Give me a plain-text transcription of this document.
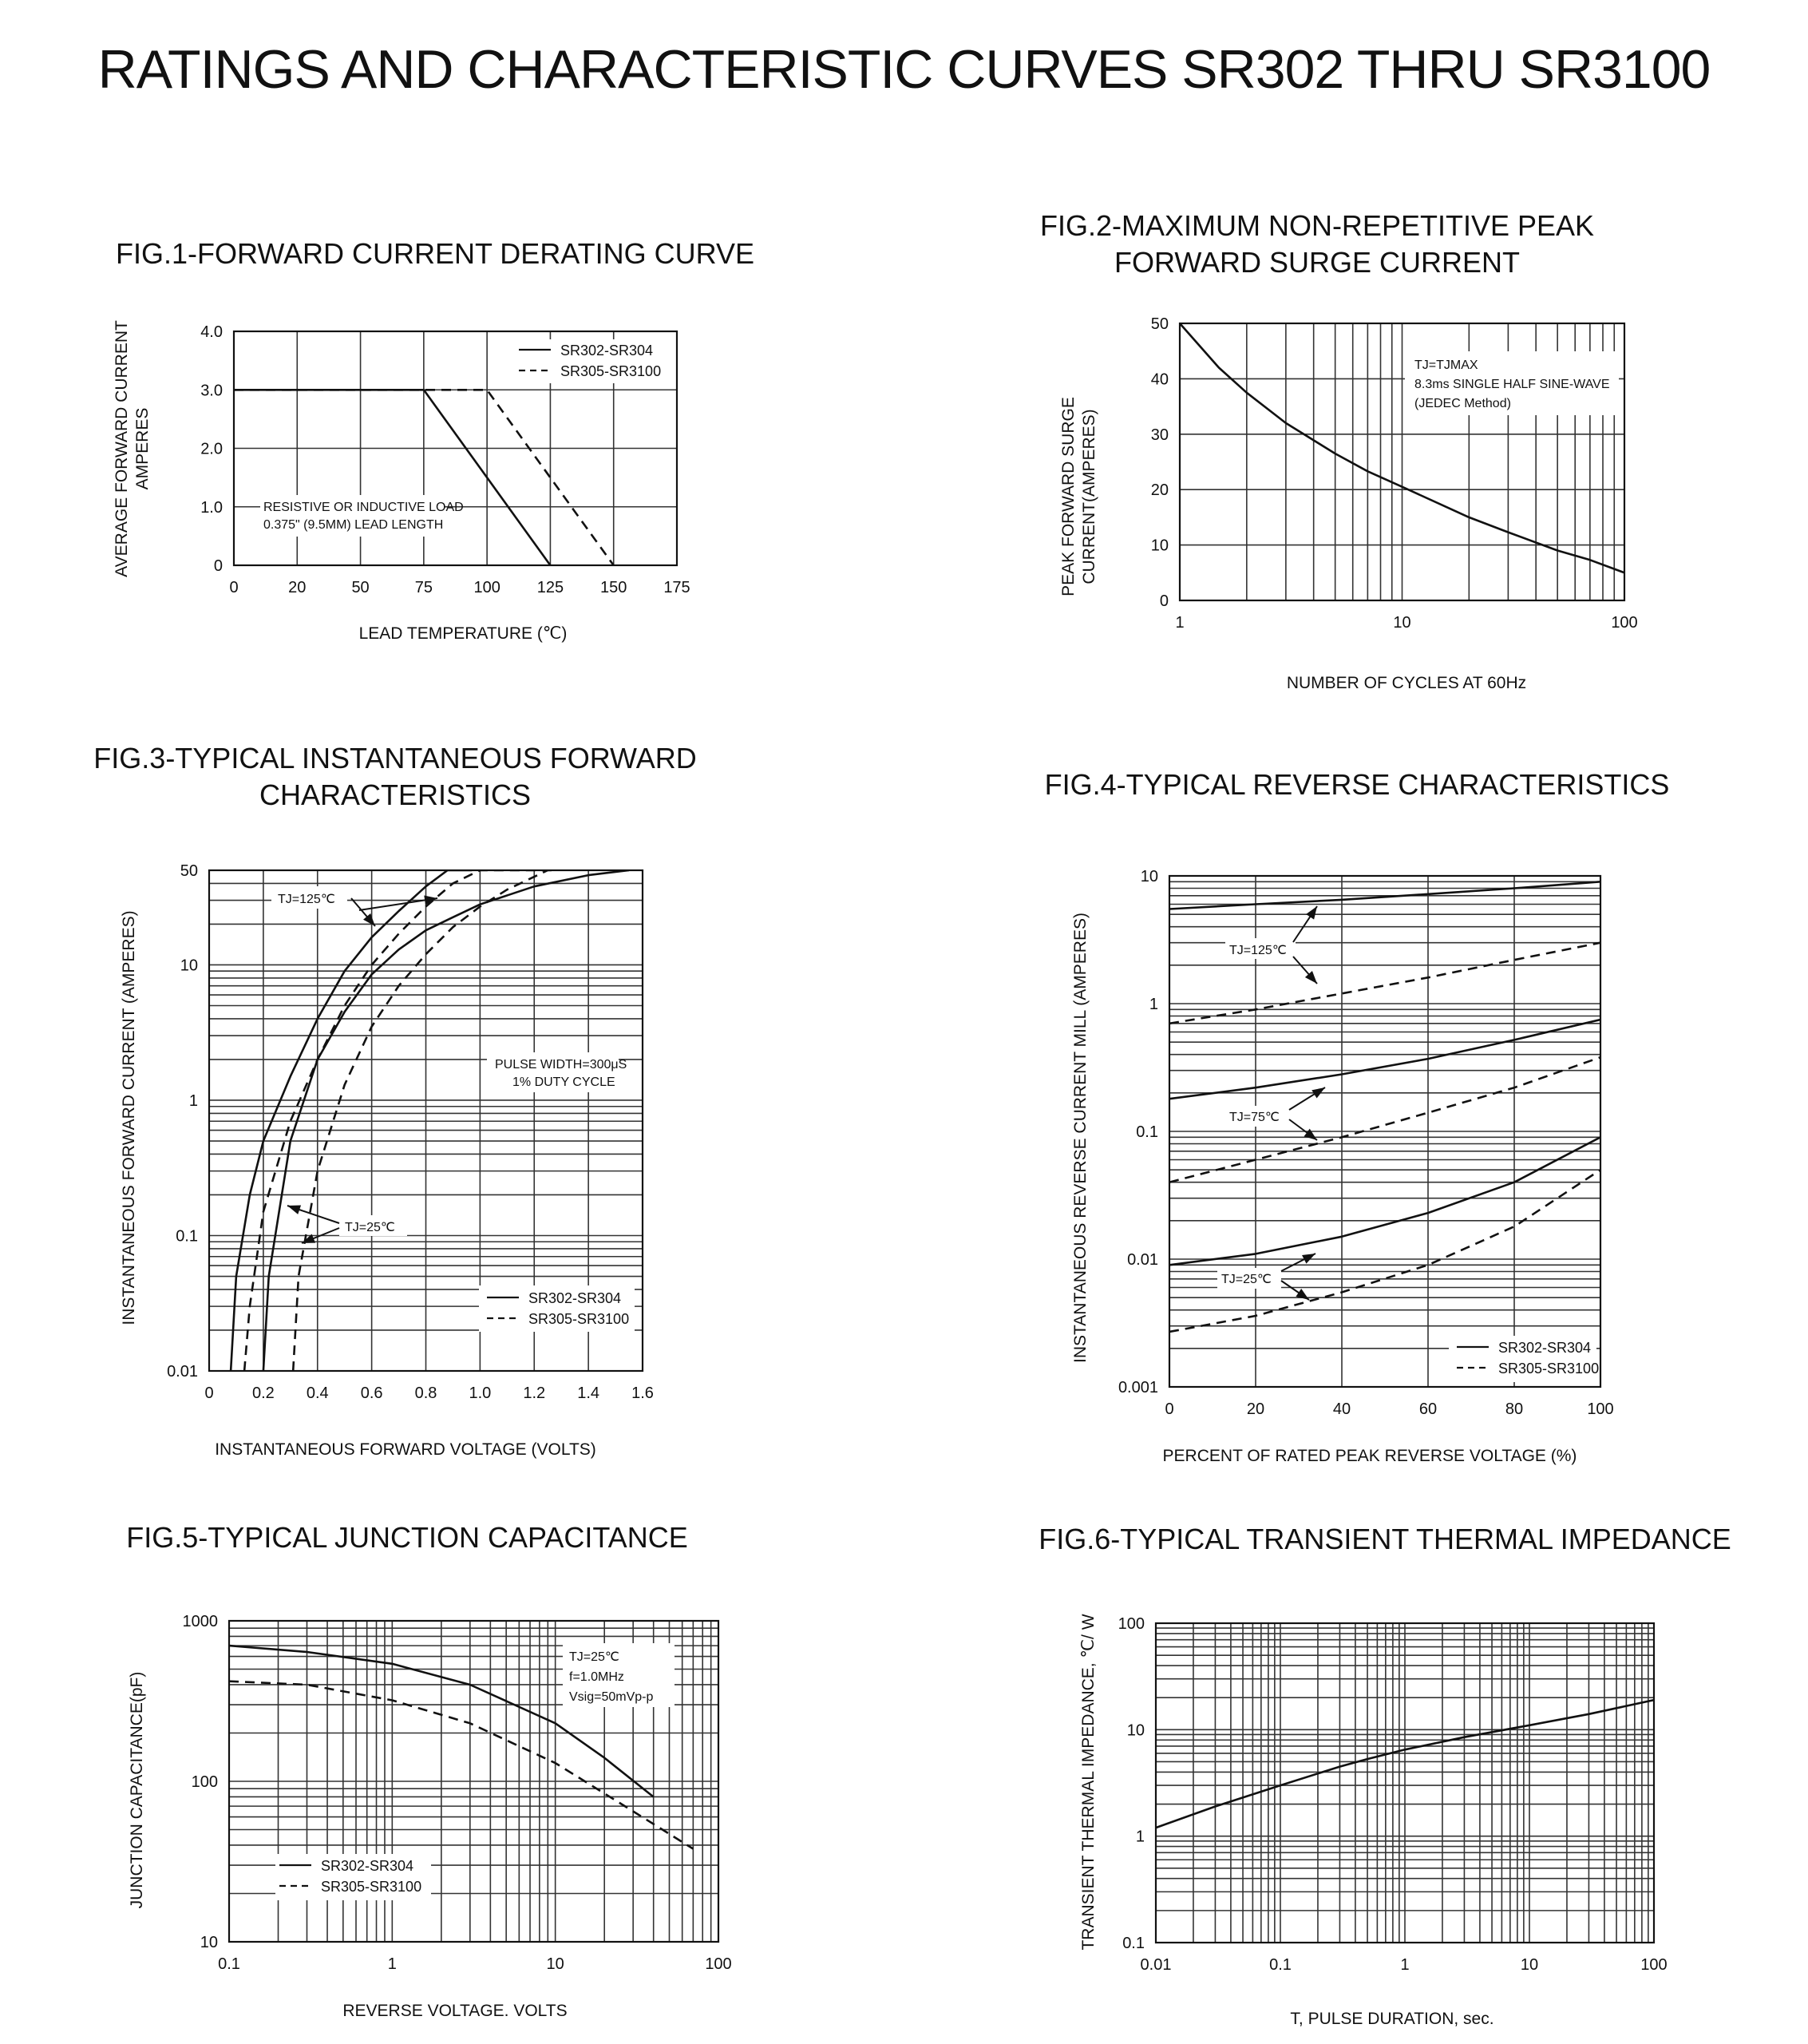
RATINGS AND CHARACTERISTIC CURVES SR302 THRU SR3100
0	20	50	75	100 125 150 175
0
1.0
2.0
3.0
4.0
FIG.1-FORWARD CURRENT DERATING CURVE
LEAD TEMPERATURE (℃)
AVERAGE FORWARD CURRENT AMPERES
RESISTIVE OR INDUCTIVE LOAD
0.375" (9.5MM) LEAD LENGTH
SR302-SR304
SR305-SR3100
1	10	100
0
10
20
30
40
50
FIG.2-MAXIMUM NON-REPETITIVE PEAK
FORWARD SURGE CURRENT
NUMBER OF CYCLES AT 60Hz
PEAK FORWARD SURGE CURRENT(AMPERES)
TJ=TJMAX
8.3ms SINGLE HALF SINE-WAVE
(JEDEC Method)
0 0.2 0.4 0.6 0.8 1.0 1.2 1.4 1.6
0.01
0.1
1
10
50
FIG.3-TYPICAL INSTANTANEOUS FORWARD
CHARACTERISTICS
INSTANTANEOUS FORWARD VOLTAGE (VOLTS)
INSTANTANEOUS FORWARD CURRENT (AMPERES)
TJ=125℃
TJ=25℃
PULSE WIDTH=300μS
1% DUTY CYCLE
SR302-SR304
SR305-SR3100
0	20	40	60	80	100
0.001
0.01
0.1
1
10
FIG.4-TYPICAL REVERSE CHARACTERISTICS
PERCENT OF RATED PEAK REVERSE VOLTAGE (%)
INSTANTANEOUS REVERSE CURRENT MILL (AMPERES)	TJ=125℃
TJ=75℃
TJ=25℃
SR302-SR304
SR305-SR3100
0.1	1	10	100
10
100
1000
FIG.5-TYPICAL JUNCTION CAPACITANCE
REVERSE VOLTAGE. VOLTS
JUNCTION CAPACITANCE(pF)
TJ=25℃
f=1.0MHz
Vsig=50mVp-p
SR302-SR304
SR305-SR3100
0.01	0.1	1	10	100
0.1
1
10
100
FIG.6-TYPICAL TRANSIENT THERMAL IMPEDANCE
T, PULSE DURATION, sec.
TRANSIENT THERMAL IMPEDANCE, ℃/ W
